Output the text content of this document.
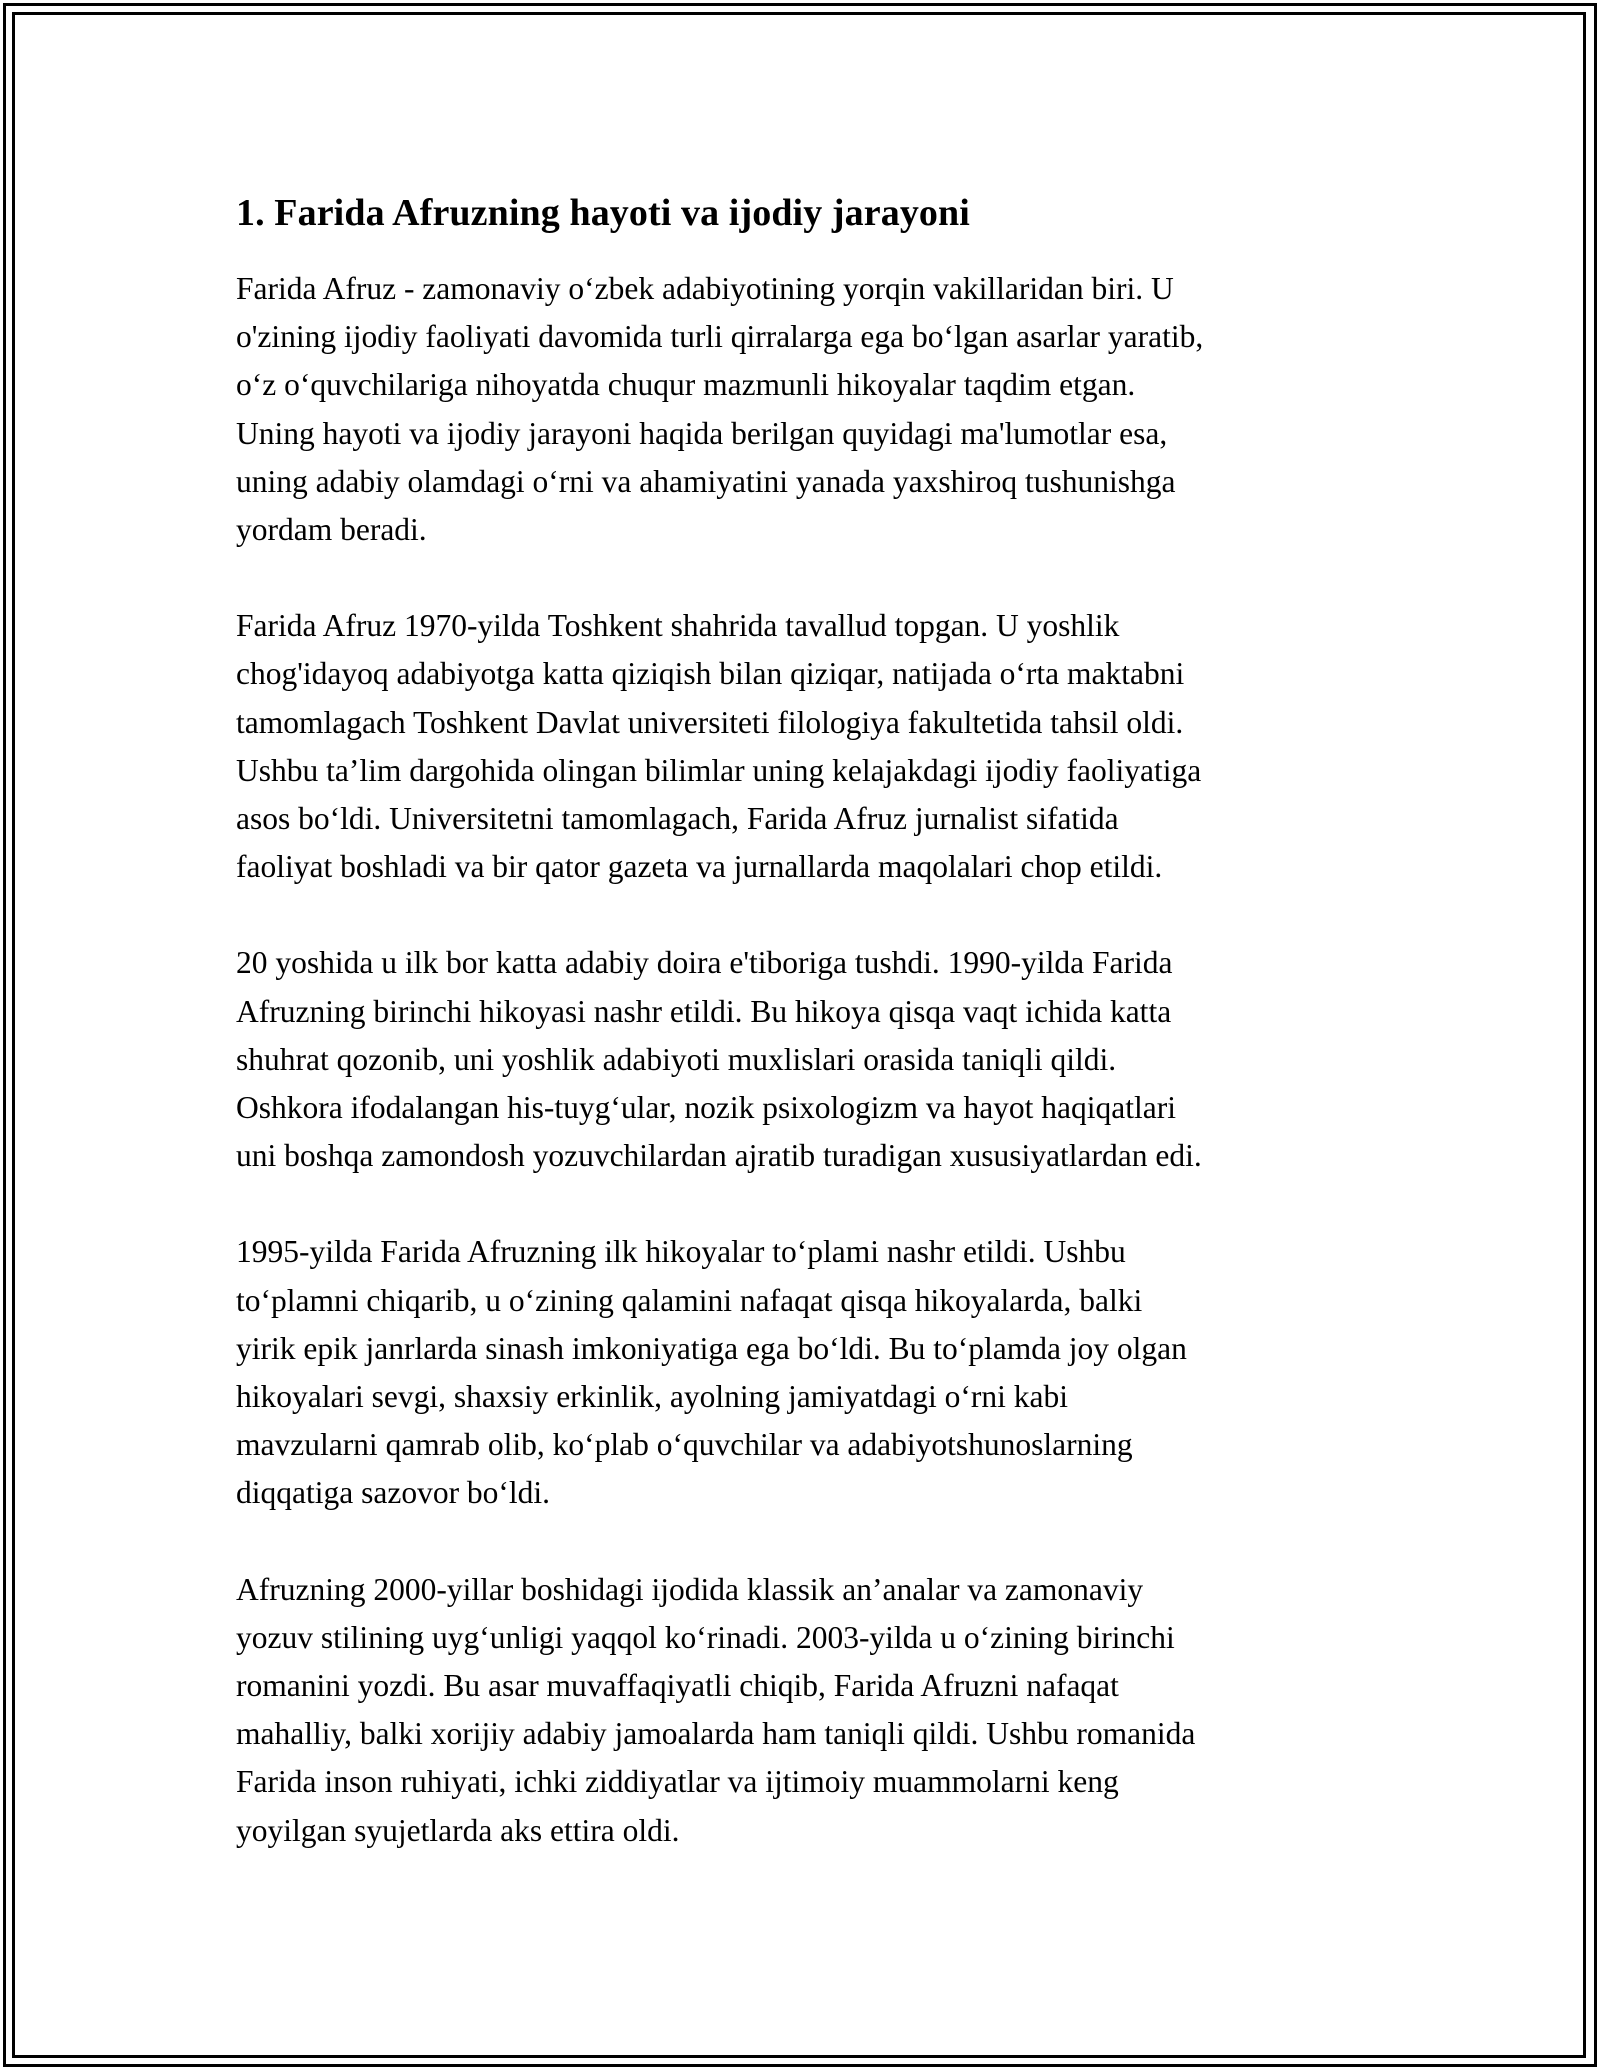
1. Farida Afruzning hayoti va ijodiy jarayoni

Farida Afruz - zamonaviy o‘zbek adabiyotining yorqin vakillaridan biri. U
o'zining ijodiy faoliyati davomida turli qirralarga ega bo‘lgan asarlar yaratib,
o‘z o‘quvchilariga nihoyatda chuqur mazmunli hikoyalar taqdim etgan.
Uning hayoti va ijodiy jarayoni haqida berilgan quyidagi ma'lumotlar esa,
uning adabiy olamdagi o‘rni va ahamiyatini yanada yaxshiroq tushunishga
yordam beradi.

Farida Afruz 1970-yilda Toshkent shahrida tavallud topgan. U yoshlik
chog'idayoq adabiyotga katta qiziqish bilan qiziqar, natijada o‘rta maktabni
tamomlagach Toshkent Davlat universiteti filologiya fakultetida tahsil oldi.
Ushbu ta’lim dargohida olingan bilimlar uning kelajakdagi ijodiy faoliyatiga
asos bo‘ldi. Universitetni tamomlagach, Farida Afruz jurnalist sifatida
faoliyat boshladi va bir qator gazeta va jurnallarda maqolalari chop etildi.

20 yoshida u ilk bor katta adabiy doira e'tiboriga tushdi. 1990-yilda Farida
Afruzning birinchi hikoyasi nashr etildi. Bu hikoya qisqa vaqt ichida katta
shuhrat qozonib, uni yoshlik adabiyoti muxlislari orasida taniqli qildi.
Oshkora ifodalangan his-tuyg‘ular, nozik psixologizm va hayot haqiqatlari
uni boshqa zamondosh yozuvchilardan ajratib turadigan xususiyatlardan edi.

1995-yilda Farida Afruzning ilk hikoyalar to‘plami nashr etildi. Ushbu
to‘plamni chiqarib, u o‘zining qalamini nafaqat qisqa hikoyalarda, balki
yirik epik janrlarda sinash imkoniyatiga ega bo‘ldi. Bu to‘plamda joy olgan
hikoyalari sevgi, shaxsiy erkinlik, ayolning jamiyatdagi o‘rni kabi
mavzularni qamrab olib, ko‘plab o‘quvchilar va adabiyotshunoslarning
diqqatiga sazovor bo‘ldi.

Afruzning 2000-yillar boshidagi ijodida klassik an’analar va zamonaviy
yozuv stilining uyg‘unligi yaqqol ko‘rinadi. 2003-yilda u o‘zining birinchi
romanini yozdi. Bu asar muvaffaqiyatli chiqib, Farida Afruzni nafaqat
mahalliy, balki xorijiy adabiy jamoalarda ham taniqli qildi. Ushbu romanida
Farida inson ruhiyati, ichki ziddiyatlar va ijtimoiy muammolarni keng
yoyilgan syujetlarda aks ettira oldi.
